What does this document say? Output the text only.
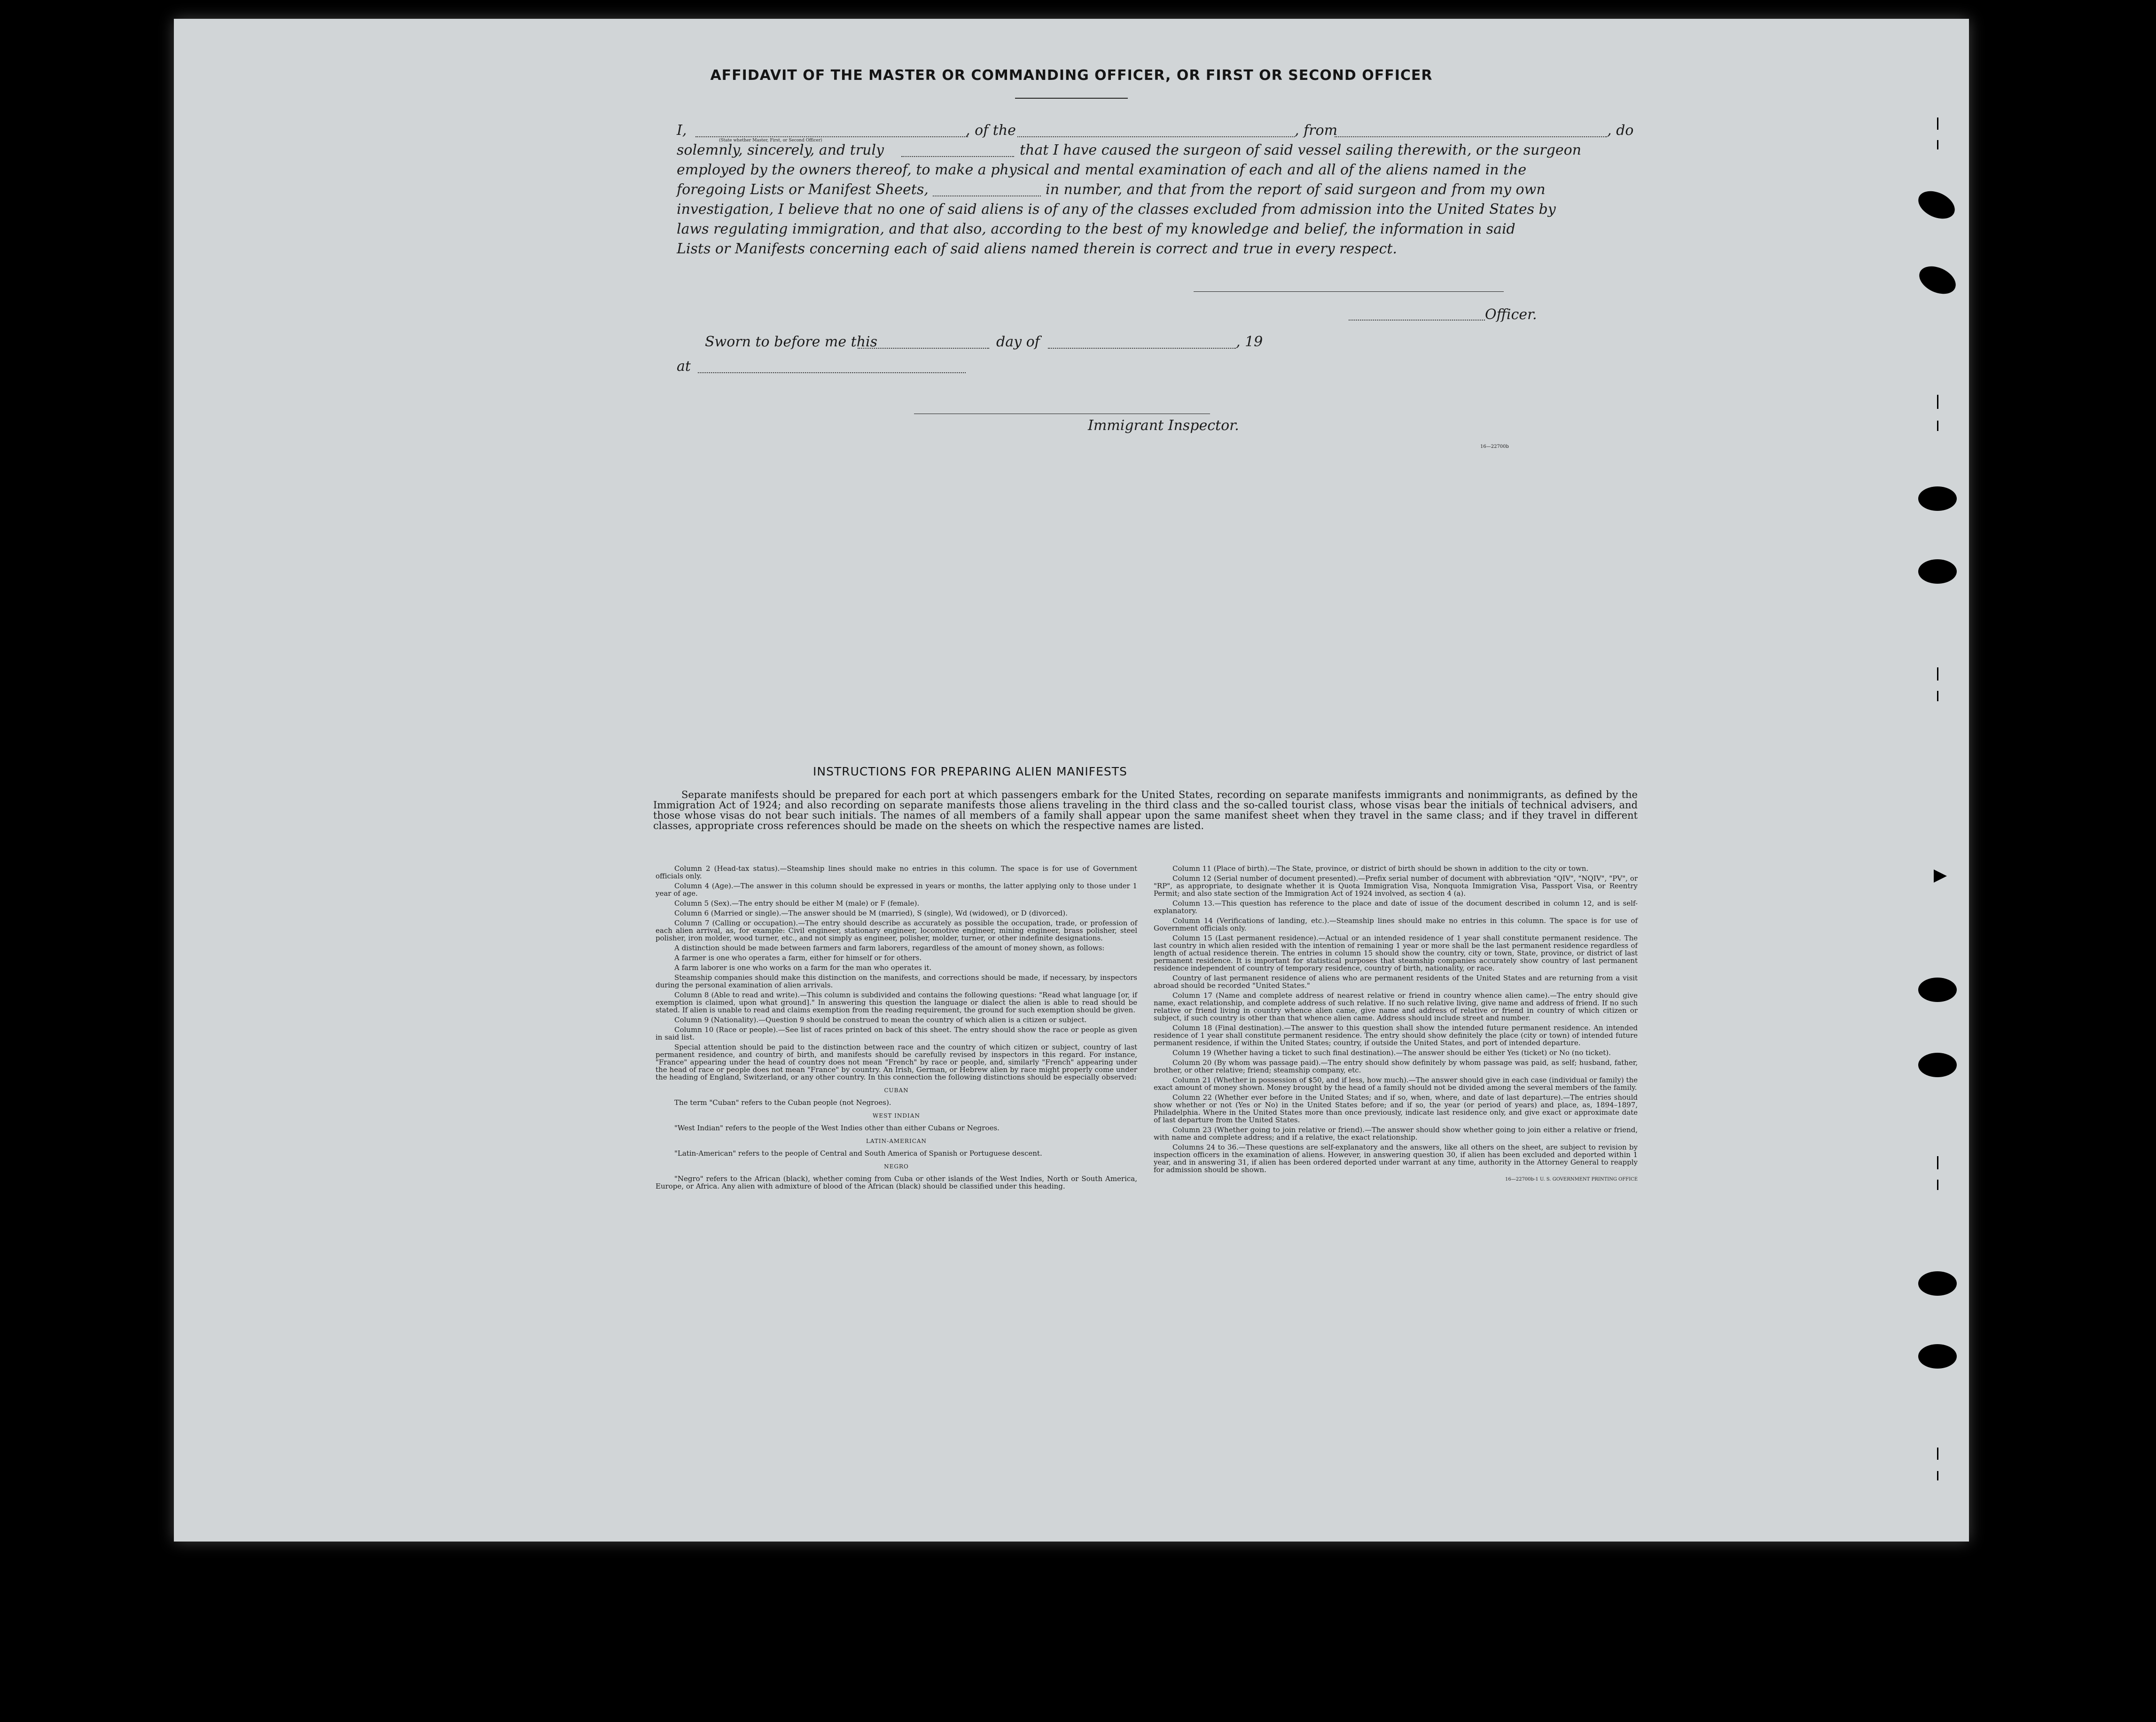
AFFIDAVIT OF THE MASTER OR COMMANDING OFFICER, OR FIRST OR SECOND OFFICER
I,
(State whether Master, First, or Second Officer)
, of the	, from	, do
solemnly, sincerely, and truly	that I have caused the surgeon of said vessel sailing therewith, or the surgeon
employed by the owners thereof, to make a physical and mental examination of each and all of the aliens named in the
foregoing Lists or Manifest Sheets,	in number, and that from the report of said surgeon and from my own
investigation, I believe that no one of said aliens is of any of the classes excluded from admission into the United States by
laws regulating immigration, and that also, according to the best of my knowledge and belief, the information in said
Lists or Manifests concerning each of said aliens named therein is correct and true in every respect.
Officer.
Sworn to before me this	day of	, 19
at
Immigrant Inspector.
16—22700b
INSTRUCTIONS FOR PREPARING ALIEN MANIFESTS
Separate manifests should be prepared for each port at which passengers embark for the United States, recording on separate manifests immigrants and nonimmigrants, as defined by the Immigration Act of 1924; and also recording on separate manifests those aliens traveling in the third class and the so-called tourist class, whose visas bear the initials of technical advisers, and those whose visas do not bear such initials. The names of all members of a family shall appear upon the same manifest sheet when they travel in the same class; and if they travel in different classes, appropriate cross references should be made on the sheets on which the respective names are listed.

Column 2 (Head-tax status).—Steamship lines should make no entries in this column. The space is for use of Government officials only.

Column 4 (Age).—The answer in this column should be expressed in years or months, the latter applying only to those under 1 year of age.

Column 5 (Sex).—The entry should be either M (male) or F (female).

Column 6 (Married or single).—The answer should be M (married), S (single), Wd (widowed), or D (divorced).

Column 7 (Calling or occupation).—The entry should describe as accurately as possible the occupation, trade, or profession of each alien arrival, as, for example: Civil engineer, stationary engineer, locomotive engineer, mining engineer, brass polisher, steel polisher, iron molder, wood turner, etc., and not simply as engineer, polisher, molder, turner, or other indefinite designations.

A distinction should be made between farmers and farm laborers, regardless of the amount of money shown, as follows:

A farmer is one who operates a farm, either for himself or for others.

A farm laborer is one who works on a farm for the man who operates it.

Steamship companies should make this distinction on the manifests, and corrections should be made, if necessary, by inspectors during the personal examination of alien arrivals.

Column 8 (Able to read and write).—This column is subdivided and contains the following questions: "Read what language [or, if exemption is claimed, upon what ground]." In answering this question the language or dialect the alien is able to read should be stated. If alien is unable to read and claims exemption from the reading requirement, the ground for such exemption should be given.

Column 9 (Nationality).—Question 9 should be construed to mean the country of which alien is a citizen or subject.

Column 10 (Race or people).—See list of races printed on back of this sheet. The entry should show the race or people as given in said list.

Special attention should be paid to the distinction between race and the country of which citizen or subject, country of last permanent residence, and country of birth, and manifests should be carefully revised by inspectors in this regard. For instance, "France" appearing under the head of country does not mean "French" by race or people, and, similarly "French" appearing under the head of race or people does not mean "France" by country. An Irish, German, or Hebrew alien by race might properly come under the heading of England, Switzerland, or any other country. In this connection the following distinctions should be especially observed:

CUBAN

The term "Cuban" refers to the Cuban people (not Negroes).

WEST INDIAN

"West Indian" refers to the people of the West Indies other than either Cubans or Negroes.

LATIN-AMERICAN

"Latin-American" refers to the people of Central and South America of Spanish or Portuguese descent.

NEGRO

"Negro" refers to the African (black), whether coming from Cuba or other islands of the West Indies, North or South America, Europe, or Africa. Any alien with admixture of blood of the African (black) should be classified under this heading.

Column 11 (Place of birth).—The State, province, or district of birth should be shown in addition to the city or town.

Column 12 (Serial number of document presented).—Prefix serial number of document with abbreviation "QIV", "NQIV", "PV", or "RP", as appropriate, to designate whether it is Quota Immigration Visa, Nonquota Immigration Visa, Passport Visa, or Reentry Permit; and also state section of the Immigration Act of 1924 involved, as section 4 (a).

Column 13.—This question has reference to the place and date of issue of the document described in column 12, and is self-explanatory.

Column 14 (Verifications of landing, etc.).—Steamship lines should make no entries in this column. The space is for use of Government officials only.

Column 15 (Last permanent residence).—Actual or an intended residence of 1 year shall constitute permanent residence. The last country in which alien resided with the intention of remaining 1 year or more shall be the last permanent residence regardless of length of actual residence therein. The entries in column 15 should show the country, city or town, State, province, or district of last permanent residence. It is important for statistical purposes that steamship companies accurately show country of last permanent residence independent of country of temporary residence, country of birth, nationality, or race.

Country of last permanent residence of aliens who are permanent residents of the United States and are returning from a visit abroad should be recorded "United States."

Column 17 (Name and complete address of nearest relative or friend in country whence alien came).—The entry should give name, exact relationship, and complete address of such relative. If no such relative living, give name and address of friend. If no such relative or friend living in country whence alien came, give name and address of relative or friend in country of which citizen or subject, if such country is other than that whence alien came. Address should include street and number.

Column 18 (Final destination).—The answer to this question shall show the intended future permanent residence. An intended residence of 1 year shall constitute permanent residence. The entry should show definitely the place (city or town) of intended future permanent residence, if within the United States; country, if outside the United States, and port of intended departure.

Column 19 (Whether having a ticket to such final destination).—The answer should be either Yes (ticket) or No (no ticket).

Column 20 (By whom was passage paid).—The entry should show definitely by whom passage was paid, as self; husband, father, brother, or other relative; friend; steamship company, etc.

Column 21 (Whether in possession of $50, and if less, how much).—The answer should give in each case (individual or family) the exact amount of money shown. Money brought by the head of a family should not be divided among the several members of the family.

Column 22 (Whether ever before in the United States; and if so, when, where, and date of last departure).—The entries should show whether or not (Yes or No) in the United States before; and if so, the year (or period of years) and place, as, 1894–1897, Philadelphia. Where in the United States more than once previously, indicate last residence only, and give exact or approximate date of last departure from the United States.

Column 23 (Whether going to join relative or friend).—The answer should show whether going to join either a relative or friend, with name and complete address; and if a relative, the exact relationship.

Columns 24 to 36.—These questions are self-explanatory and the answers, like all others on the sheet, are subject to revision by inspection officers in the examination of aliens. However, in answering question 30, if alien has been excluded and deported within 1 year, and in answering 31, if alien has been ordered deported under warrant at any time, authority in the Attorney General to reapply for admission should be shown.

16—22700b-1 U. S. GOVERNMENT PRINTING OFFICE
